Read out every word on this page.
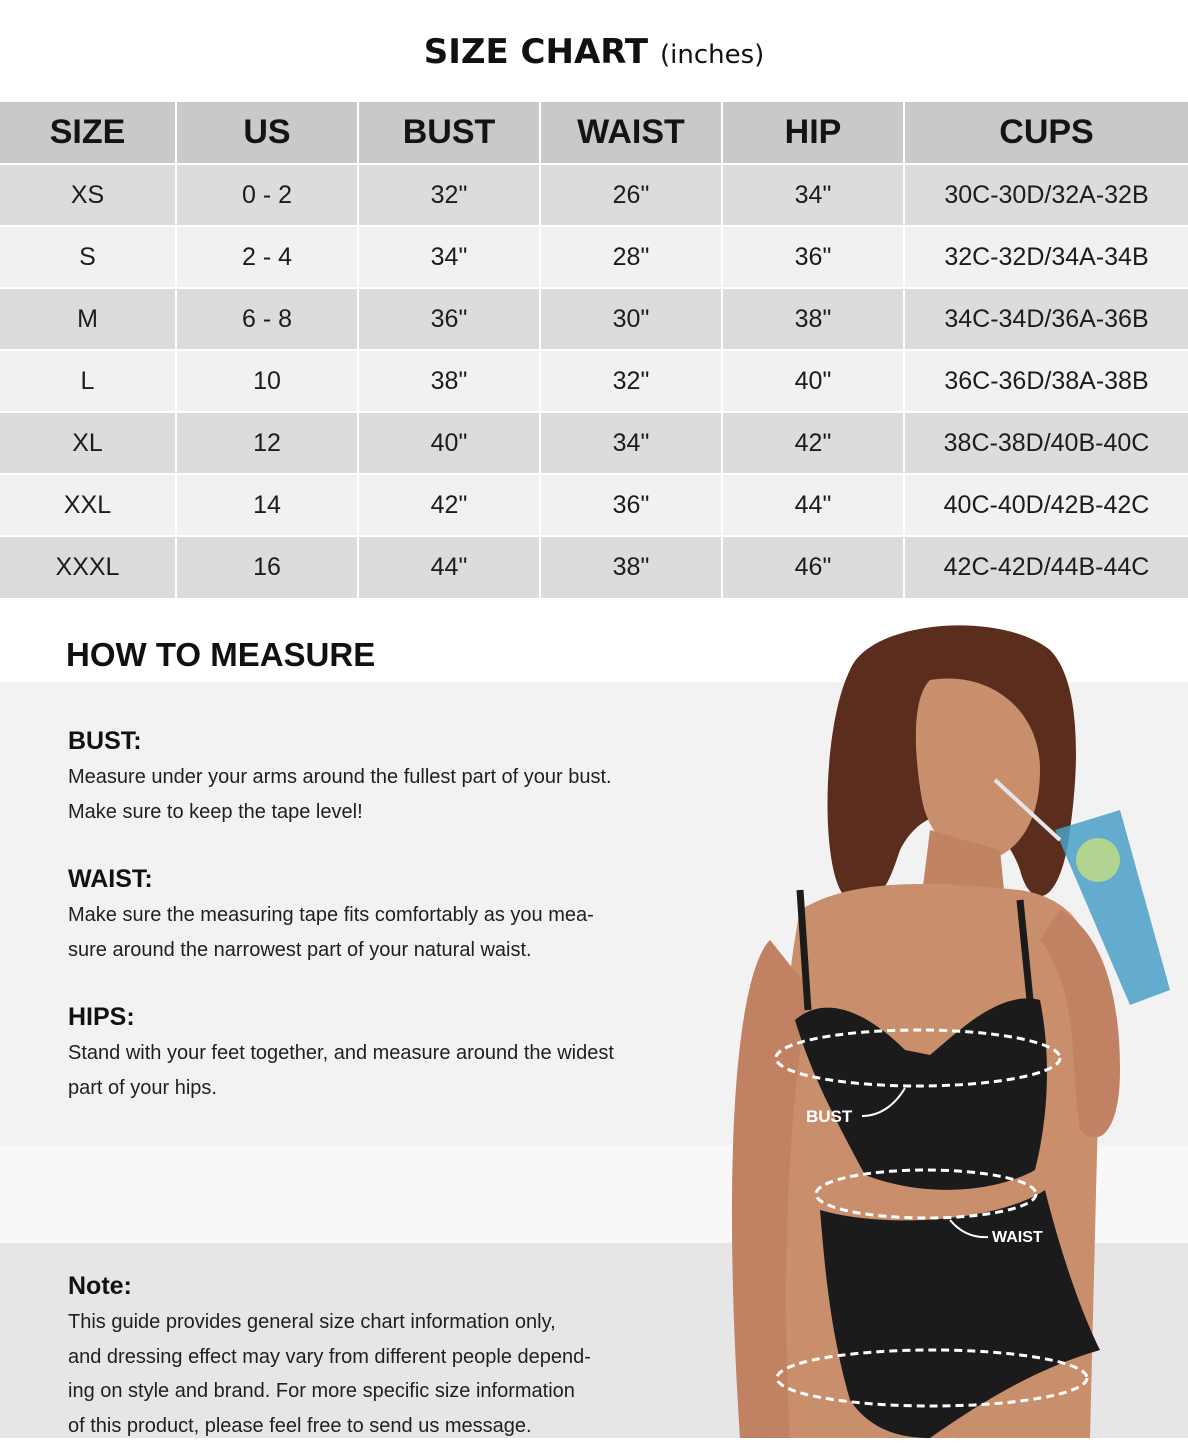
SIZE CHART (inches)
SIZE	US	BUST	WAIST	HIP	CUPS
XS	0 - 2	32"	26"	34"	30C-30D/32A-32B
S	2 - 4	34"	28"	36"	32C-32D/34A-34B
M	6 - 8	36"	30"	38"	34C-34D/36A-36B
L	10	38"	32"	40"	36C-36D/38A-38B
XL	12	40"	34"	42"	38C-38D/40B-40C
XXL	14	42"	36"	44"	40C-40D/42B-42C
XXXL	16	44"	38"	46"	42C-42D/44B-44C
HOW TO MEASURE
BUST:

Measure under your arms around the fullest part of your bust.
Make sure to keep the tape level!

WAIST:

Make sure the measuring tape fits comfortably as you mea-
sure around the narrowest part of your natural waist.

HIPS:

Stand with your feet together, and measure around the widest
part of your hips.

Note:

This guide provides general size chart information only,
and dressing effect may vary from different people depend-
ing on style and brand. For more specific size information
of this product, please feel free to send us message.

BUST
WAIST
